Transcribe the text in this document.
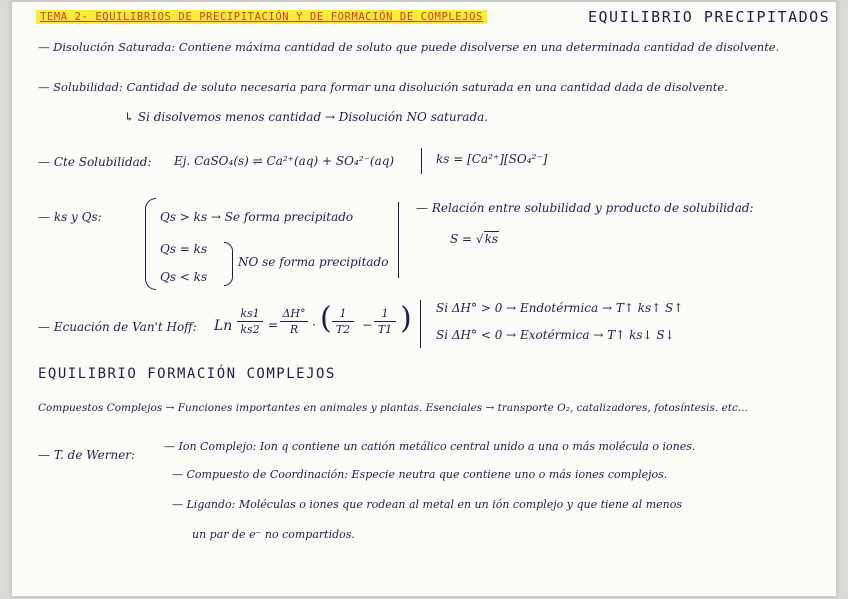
TEMA 2- EQUILIBRIOS DE PRECIPITACIÓN Y DE FORMACIÓN DE COMPLEJOS	EQUILIBRIO PRECIPITADOS
— Disolución Saturada: Contiene máxima cantidad de soluto que puede disolverse en una determinada cantidad de disolvente.
— Solubilidad: Cantidad de soluto necesaria para formar una disolución saturada en una cantidad dada de disolvente.
↳ Si disolvemos menos cantidad → Disolución NO saturada.
— Cte Solubilidad: Ej. CaSO₄(s) ⇌ Ca²⁺(aq) + SO₄²⁻(aq)	ks = [Ca²⁺][SO₄²⁻]
— ks y Qs:	Qs > ks → Se forma precipitado
Qs = ks
Qs < ks
NO se forma precipitado
— Relación entre solubilidad y producto de solubilidad:
S = √ks
— Ecuación de Van't Hoff: Ln
ks1
ks2 =
ΔH°
R	· ( 1
T2 −
1
T1 ) Si ΔH° > 0 → Endotérmica → T↑ ks↑ S↑
Si ΔH° < 0 → Exotérmica → T↑ ks↓ S↓
EQUILIBRIO FORMACIÓN COMPLEJOS
Compuestos Complejos → Funciones importantes en animales y plantas. Esenciales → transporte O₂, catalizadores, fotosíntesis. etc...
— T. de Werner:
— Ion Complejo: Ion q contiene un catión metálico central unido a una o más molécula o iones.
— Compuesto de Coordinación: Especie neutra que contiene uno o más iones complejos.
— Ligando: Moléculas o iones que rodean al metal en un ión complejo y que tiene al menos
un par de e⁻ no compartidos.
